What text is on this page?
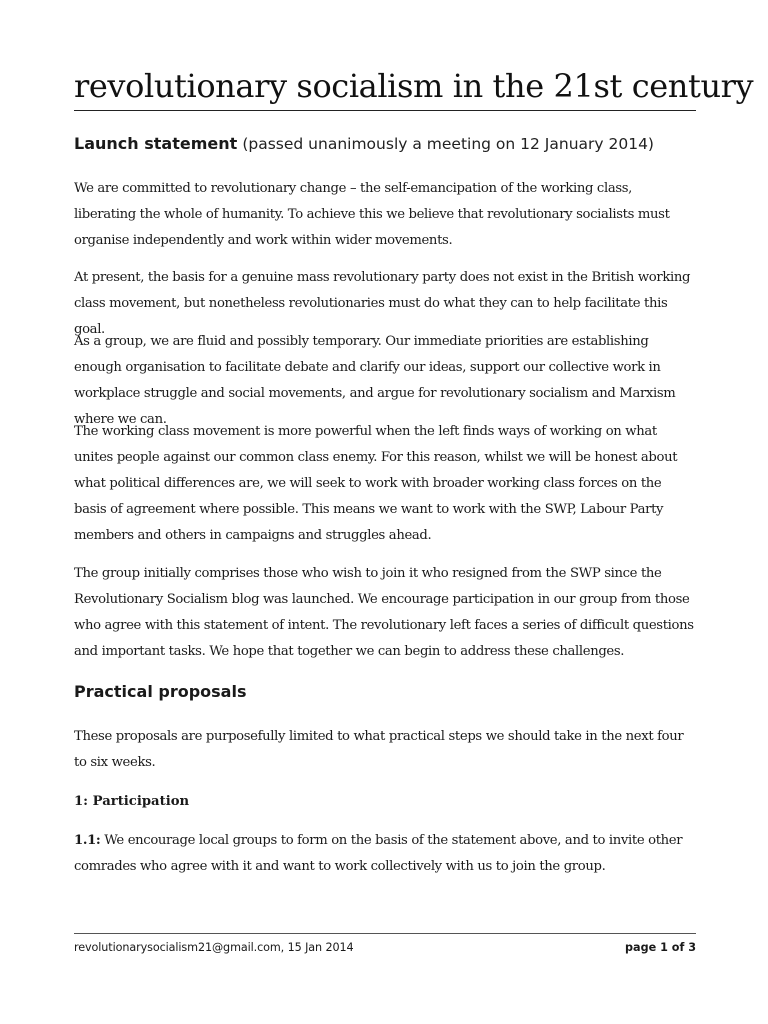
revolutionary socialism in the 21st century

Launch statement (passed unanimously a meeting on 12 January 2014)

We are committed to revolutionary change – the self-emancipation of the working class, liberating the whole of humanity. To achieve this we believe that revolutionary socialists must organise independently and work within wider movements.

At present, the basis for a genuine mass revolutionary party does not exist in the British working class movement, but nonetheless revolutionaries must do what they can to help facilitate this goal.

As a group, we are fluid and possibly temporary. Our immediate priorities are establishing enough organisation to facilitate debate and clarify our ideas, support our collective work in workplace struggle and social movements, and argue for revolutionary socialism and Marxism where we can.

The working class movement is more powerful when the left finds ways of working on what unites people against our common class enemy. For this reason, whilst we will be honest about what political differences are, we will seek to work with broader working class forces on the basis of agreement where possible. This means we want to work with the SWP, Labour Party members and others in campaigns and struggles ahead.

The group initially comprises those who wish to join it who resigned from the SWP since the Revolutionary Socialism blog was launched. We encourage participation in our group from those who agree with this statement of intent. The revolutionary left faces a series of difficult questions and important tasks. We hope that together we can begin to address these challenges.

Practical proposals

These proposals are purposefully limited to what practical steps we should take in the next four to six weeks.

1: Participation

1.1: We encourage local groups to form on the basis of the statement above, and to invite other comrades who agree with it and want to work collectively with us to join the group.

revolutionarysocialism21@gmail.com, 15 Jan 2014	page 1 of 3
